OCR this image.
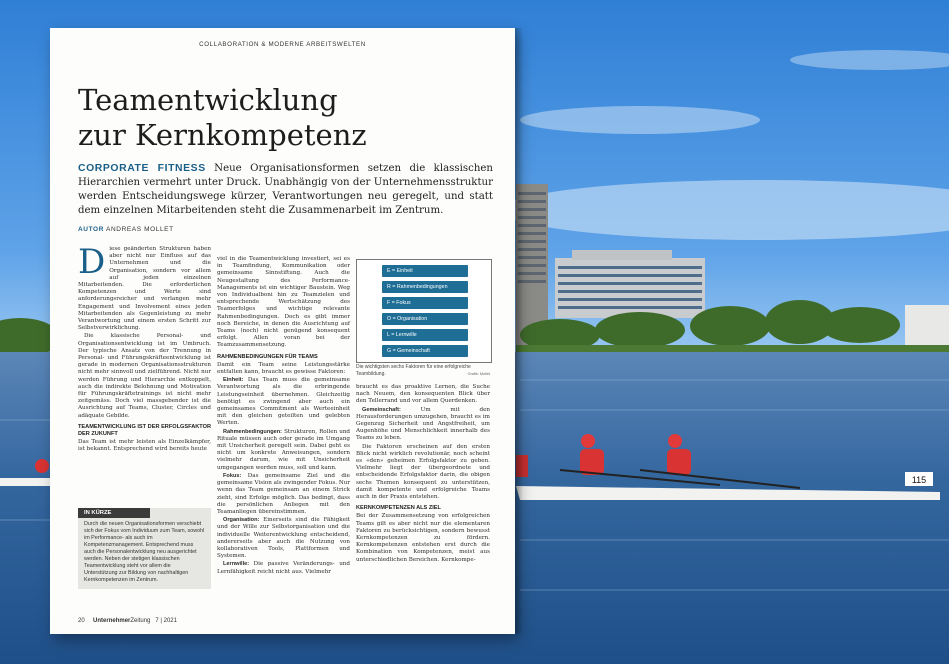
115
COLLABORATION & MODERNE ARBEITSWELTEN
Teamentwicklung
zur Kernkompetenz
CORPORATE FITNESS Neue Organisationsformen setzen die klassischen Hierarchien vermehrt unter Druck. Unabhängig von der Unternehmensstruktur werden Entscheidungswege kürzer, Verantwortungen neu geregelt, und statt dem einzelnen Mitarbeitenden steht die Zusammenarbeit im Zentrum.
AUTOR ANDREAS MOLLET

Diese geänderten Strukturen haben aber nicht nur Einfluss auf das Unternehmen und die Organisation, sondern vor allem auf jeden einzelnen Mitarbeitenden. Die erforderlichen Kompetenzen und Werte sind anforderungsreicher und verlangen mehr Engagement und Involvement eines jeden Mitarbeitenden als Gegenleistung zu mehr Verantwortung und einem ersten Schritt zur Selbstverwirklichung.

Die klassische Personal- und Organisationsentwicklung ist im Umbruch. Der typische Ansatz von der Trennung in Personal- und Führungskräfteentwicklung ist gerade in modernen Organisationsstrukturen nicht mehr sinnvoll und zielführend. Nicht nur werden Führung und Hierarchie entkoppelt, auch die indirekte Belohnung und Motivation für Führungskräftetrainings ist nicht mehr zeitgemäss. Doch viel massgebender ist die Ausrichtung auf Teams, Cluster, Circles und adäquate Gebilde.

TEAMENTWICKLUNG IST DER ERFOLGSFAKTOR DER ZUKUNFT

Das Team ist mehr leisten als Einzelkämpfer, ist bekannt. Entsprechend wird bereits heute

IN KÜRZE
Durch die neuen Organisationsformen verschiebt sich der Fokus vom Individuum zum Team, sowohl im Performance- als auch im Kompetenzmanagement. Entsprechend muss auch die Personalentwicklung neu ausgerichtet werden. Neben der stetigen klassischen Teamentwicklung steht vor allem die Unterstützung zur Bildung von nachhaltigen Kernkompetenzen im Zentrum.

viel in die Teamentwicklung investiert, sei es in Teamfindung, Kommunikation oder gemeinsame Sinnstiftung. Auch die Neugestaltung des Performance-Managements ist ein wichtiger Baustein. Weg von Individualboni hin zu Teamzielen und entsprechende Wertschätzung des Teamerfolges und wichtige relevante Rahmenbedingungen. Doch es gibt immer noch Bereiche, in denen die Ausrichtung auf Teams (noch) nicht genügend konsequent erfolgt. Allen voran bei der Teamzusammensetzung.

RAHMENBEDINGUNGEN FÜR TEAMS

Damit ein Team seine Leistungsstärke entfalten kann, braucht es gewisse Faktoren:

Einheit: Das Team muss die gemeinsame Verantwortung als die erbringende Leistungseinheit übernehmen. Gleichzeitig benötigt es zwingend aber auch ein gemeinsames Commitment als Werteeinheit mit den gleichen geteilten und gelebten Werten.

Rahmenbedingungen: Strukturen, Rollen und Rituale müssen auch oder gerade im Umgang mit Unsicherheit geregelt sein. Dabei geht es nicht um konkrete Anweisungen, sondern vielmehr darum, wie mit Unsicherheit umgegangen werden muss, soll und kann.

Fokus: Das gemeinsame Ziel und die gemeinsame Vision als zwingender Fokus. Nur wenn das Team gemeinsam an einem Strick zieht, sind Erfolge möglich. Das bedingt, dass die persönlichen Anliegen mit den Teamanliegen übereinstimmen.

Organisation: Einerseits sind die Fähigkeit und der Wille zur Selbstorganisation und die individuelle Weiterentwicklung entscheidend, andererseits aber auch die Nutzung von kollaborativen Tools, Plattformen und Systemen.

Lernwille: Die passive Veränderungs- und Lernfähigkeit reicht nicht aus. Vielmehr

E = Einheit
R = Rahmenbedingungen
F = Fokus
O = Organisation
L = Lernwille
G = Gemeinschaft
Die wichtigsten sechs Faktoren für eine erfolgreiche Teambildung.	Grafik: Mollet

braucht es das proaktive Lernen, die Suche nach Neuem, den konsequenten Blick über den Tellerrand und vor allem Querdenken.

Gemeinschaft: Um mit den Herausforderungen umzugehen, braucht es im Gegenzug Sicherheit und Angstfreiheit, um Augenhöhe und Menschlichkeit innerhalb des Teams zu leben.

Die Faktoren erscheinen auf den ersten Blick nicht wirklich revolutionär, noch scheint es «den» geheimen Erfolgsfaktor zu geben. Vielmehr liegt der übergeordnete und entscheidende Erfolgsfaktor darin, die obigen sechs Themen konsequent zu unterstützen, damit kompetente und erfolgreiche Teams auch in der Praxis entstehen.

KERNKOMPETENZEN ALS ZIEL

Bei der Zusammensetzung von erfolgreichen Teams gilt es aber nicht nur die elementaren Faktoren zu berücksichtigen, sondern bewusst Kernkompetenzen zu fördern. Kernkompetenzen entstehen erst durch die Kombination von Kompetenzen, meist aus unterschiedlichen Bereichen. Kernkompe-

20 UnternehmerZeitung 7 | 2021
